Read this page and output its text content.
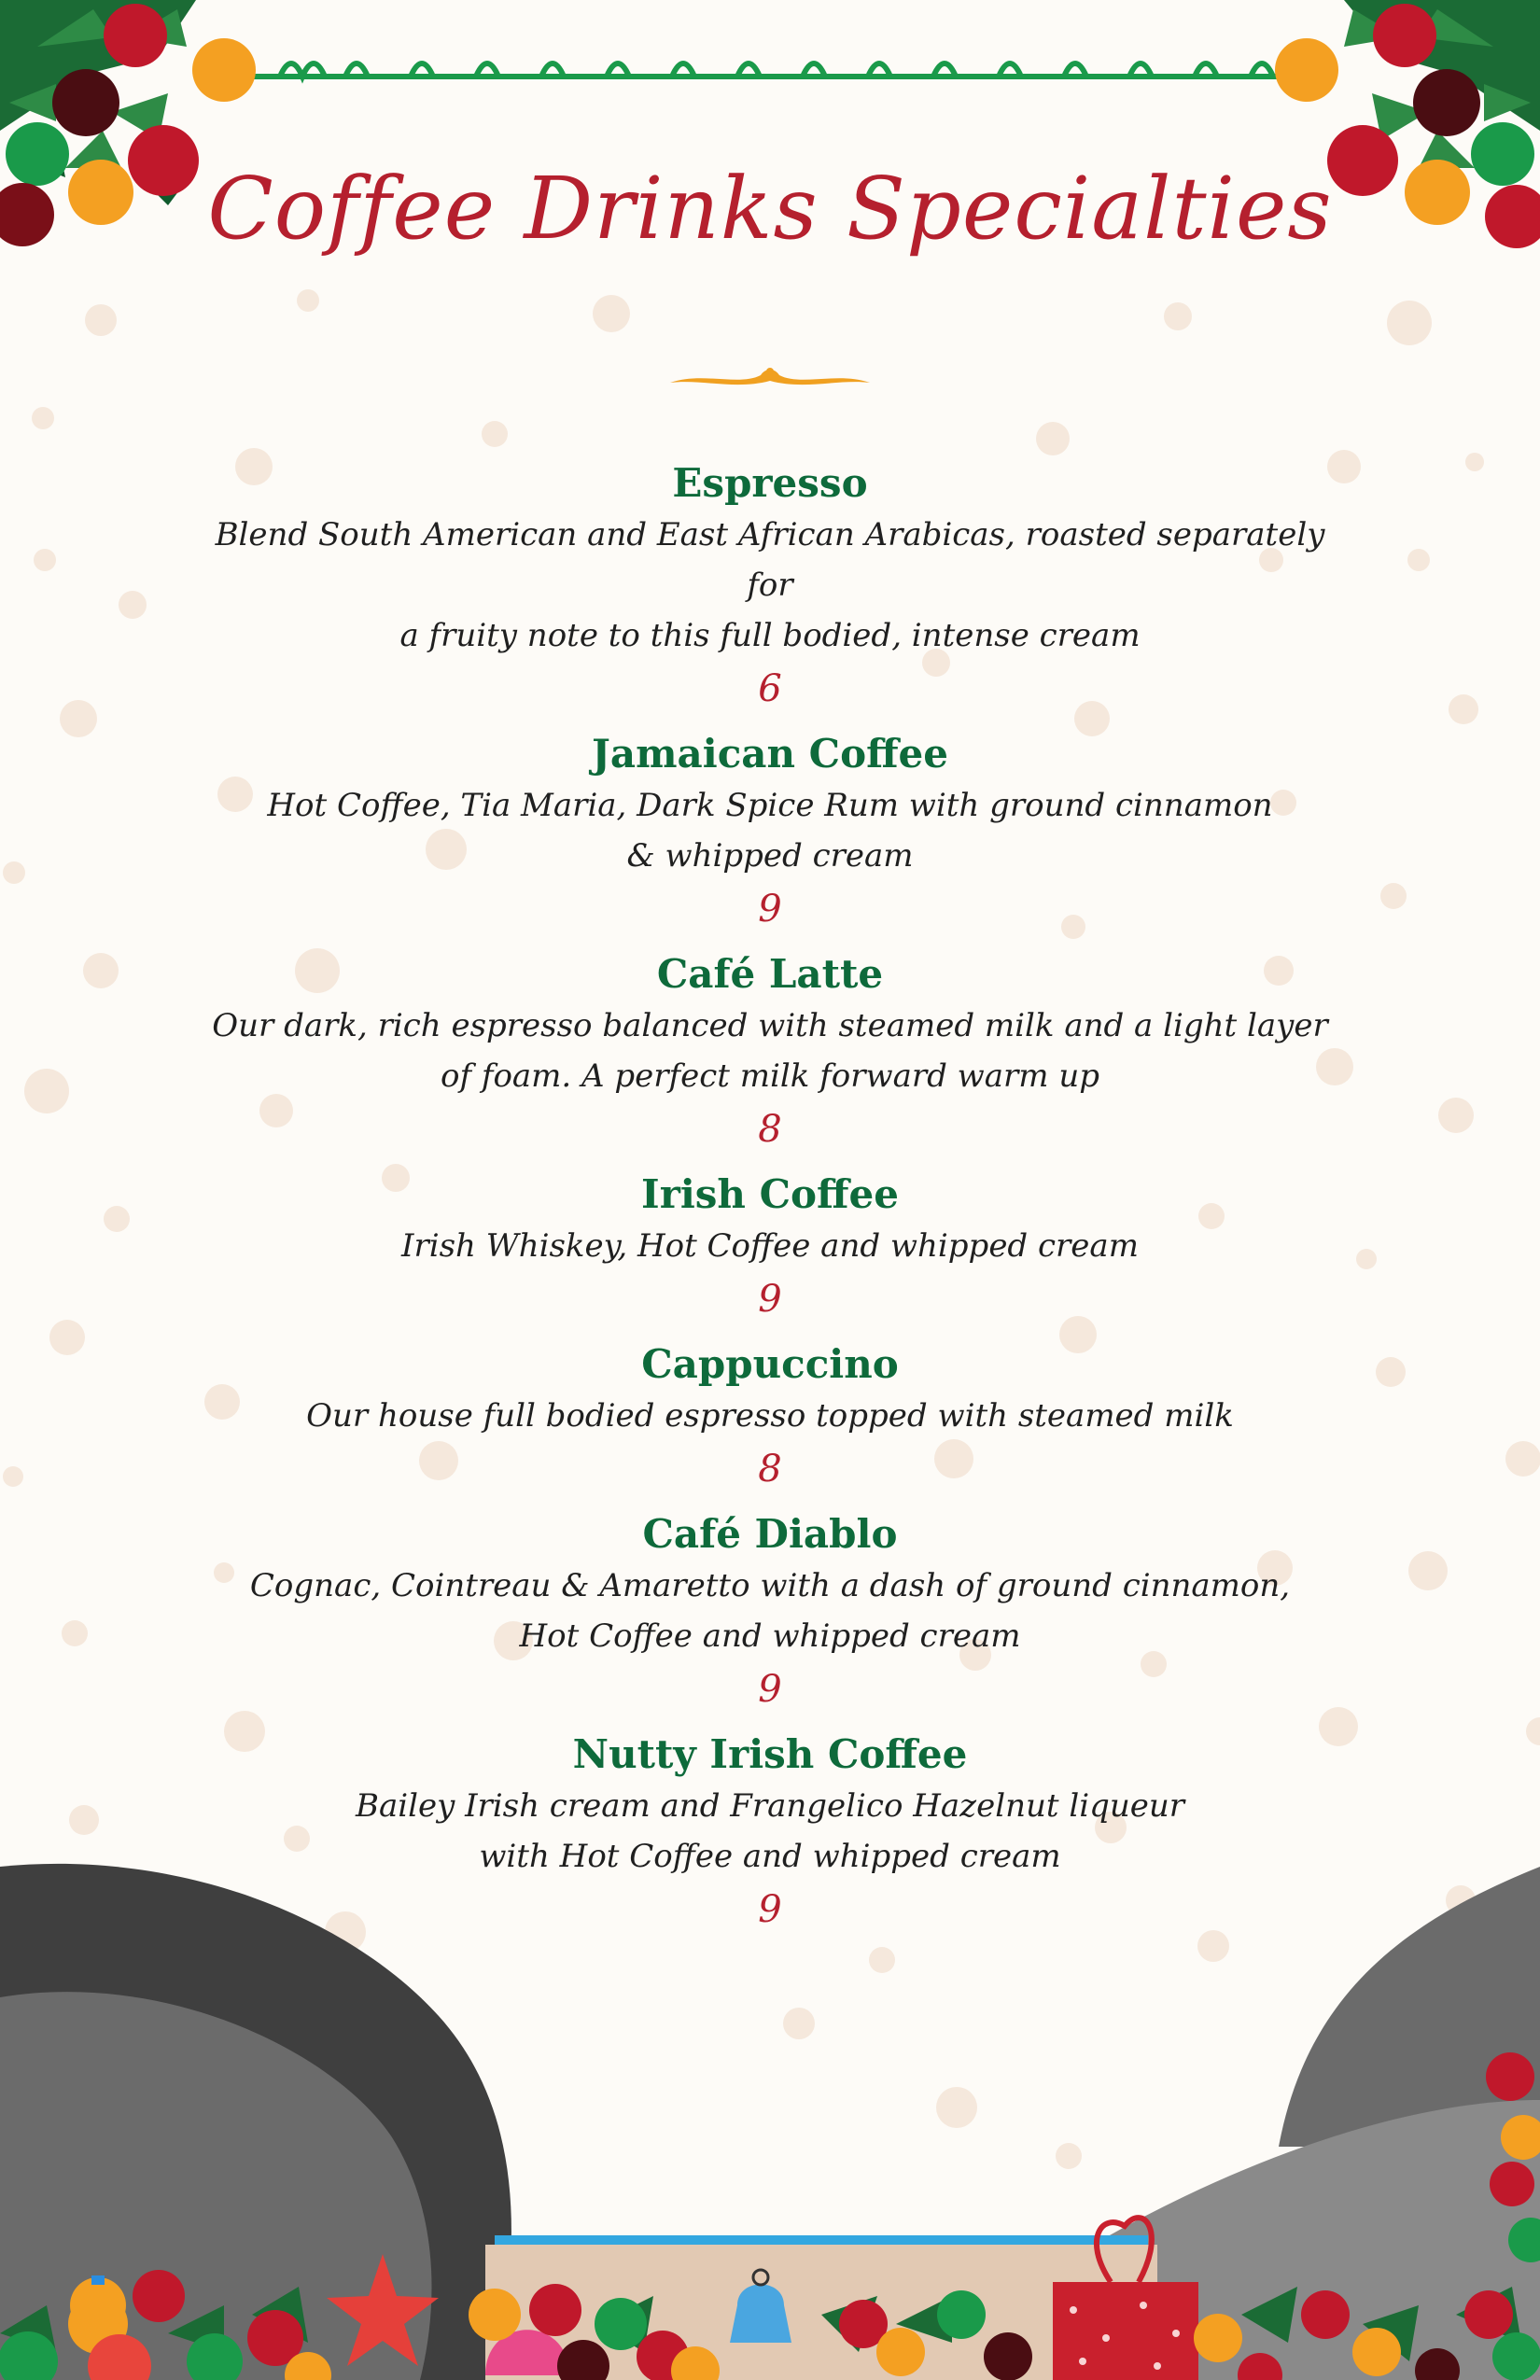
Coffee Drinks Specialties

Espresso

Blend South American and East African Arabicas, roasted separately for

a fruity note to this full bodied, intense cream

6

Jamaican Coffee

Hot Coffee, Tia Maria, Dark Spice Rum with ground cinnamon

& whipped cream

9

Café Latte

Our dark, rich espresso balanced with steamed milk and a light layer

of foam. A perfect milk forward warm up

8

Irish Coffee

Irish Whiskey, Hot Coffee and whipped cream

9

Cappuccino

Our house full bodied espresso topped with steamed milk

8

Café Diablo

Cognac, Cointreau & Amaretto with a dash of ground cinnamon,

Hot Coffee and whipped cream

9

Nutty Irish Coffee

Bailey Irish cream and Frangelico Hazelnut liqueur

with Hot Coffee and whipped cream

9
